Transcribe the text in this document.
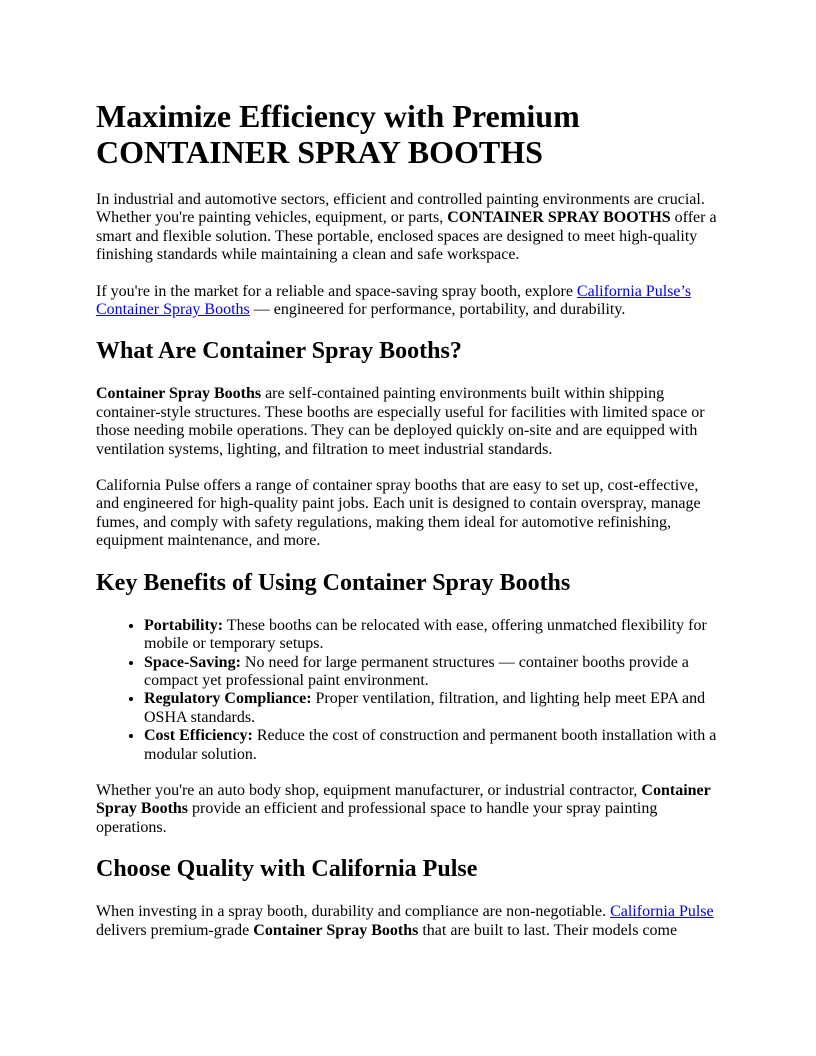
Maximize Efficiency with Premium
CONTAINER SPRAY BOOTHS

In industrial and automotive sectors, efficient and controlled painting environments are crucial. Whether you're painting vehicles, equipment, or parts, CONTAINER SPRAY BOOTHS offer a smart and flexible solution. These portable, enclosed spaces are designed to meet high-quality finishing standards while maintaining a clean and safe workspace.

If you're in the market for a reliable and space-saving spray booth, explore California Pulse’s Container Spray Booths — engineered for performance, portability, and durability.

What Are Container Spray Booths?

Container Spray Booths are self-contained painting environments built within shipping container-style structures. These booths are especially useful for facilities with limited space or those needing mobile operations. They can be deployed quickly on-site and are equipped with ventilation systems, lighting, and filtration to meet industrial standards.

California Pulse offers a range of container spray booths that are easy to set up, cost-effective, and engineered for high-quality paint jobs. Each unit is designed to contain overspray, manage fumes, and comply with safety regulations, making them ideal for automotive refinishing, equipment maintenance, and more.

Key Benefits of Using Container Spray Booths
• Portability: These booths can be relocated with ease, offering unmatched flexibility for mobile or temporary setups.
• Space-Saving: No need for large permanent structures — container booths provide a compact yet professional paint environment.
• Regulatory Compliance: Proper ventilation, filtration, and lighting help meet EPA and OSHA standards.
• Cost Efficiency: Reduce the cost of construction and permanent booth installation with a modular solution.

Whether you're an auto body shop, equipment manufacturer, or industrial contractor, Container Spray Booths provide an efficient and professional space to handle your spray painting operations.

Choose Quality with California Pulse

When investing in a spray booth, durability and compliance are non-negotiable. California Pulse delivers premium-grade Container Spray Booths that are built to last. Their models come
